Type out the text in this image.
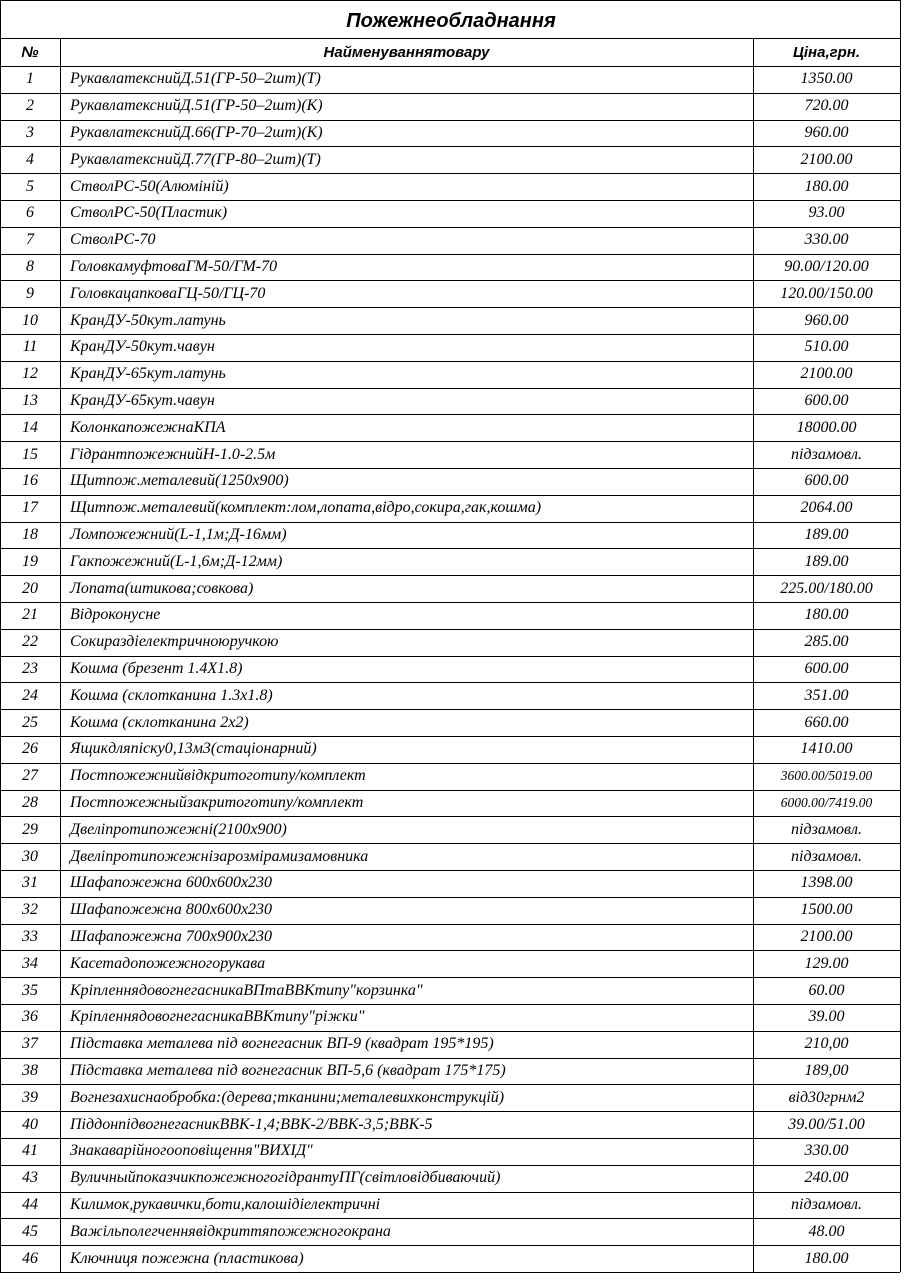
Пожежнеобладнання
№	Найменуваннятовару	Ціна,грн.
1	РукавлатекснийД.51(ГР-50–2шт)(Т)	1350.00
2	РукавлатекснийД.51(ГР-50–2шт)(К)	720.00
3	РукавлатекснийД.66(ГР-70–2шт)(К)	960.00
4	РукавлатекснийД.77(ГР-80–2шт)(Т)	2100.00
5	СтволРС-50(Алюміній)	180.00
6	СтволРС-50(Пластик)	93.00
7	СтволРС-70	330.00
8	ГоловкамуфтоваГМ-50/ГМ-70	90.00/120.00
9	ГоловкацапковаГЦ-50/ГЦ-70	120.00/150.00
10	КранДУ-50кут.латунь	960.00
11	КранДУ-50кут.чавун	510.00
12	КранДУ-65кут.латунь	2100.00
13	КранДУ-65кут.чавун	600.00
14	КолонкапожежнаКПА	18000.00
15	ГідрантпожежнийН-1.0-2.5м	підзамовл.
16	Щитпож.металевий(1250х900)	600.00
17	Щитпож.металевий(комплект:лом,лопата,відро,сокира,гак,кошма)	2064.00
18	Ломпожежний(L-1,1м;Д-16мм)	189.00
19	Гакпожежний(L-1,6м;Д-12мм)	189.00
20	Лопата(штикова;совкова)	225.00/180.00
21	Відроконусне	180.00
22	Сокираздіелектричноюручкою	285.00
23	Кошма (брезент 1.4Х1.8)	600.00
24	Кошма (склотканина 1.3х1.8)	351.00
25	Кошма (склотканина 2х2)	660.00
26	Ящикдляпіску0,13м3(стаціонарний)	1410.00
27	Постпожежнийвідкритоготипу/комплект	3600.00/5019.00
28	Постпожежныйзакритоготипу/комплект	6000.00/7419.00
29	Двеліпротипожежні(2100х900)	підзамовл.
30	Двеліпротипожежнізарозмірамизамовника	підзамовл.
31	Шафапожежна 600х600х230	1398.00
32	Шафапожежна 800х600х230	1500.00
33	Шафапожежна 700х900х230	2100.00
34	Касетадопожежногорукава	129.00
35	КріпленнядовогнегасникаВПтаВВКтипу"корзинка"	60.00
36	КріпленнядовогнегасникаВВКтипу"ріжки"	39.00
37	Підставка металева під вогнегасник ВП-9 (квадрат 195*195)	210,00
38	Підставка металева під вогнегасник ВП-5,6 (квадрат 175*175)	189,00
39	Вогнезахиснаобробка:(дерева;тканини;металевихконструкцій)	від30грнм2
40	ПіддонпідвогнегасникВВК-1,4;ВВК-2/ВВК-3,5;ВВК-5	39.00/51.00
41	Знакаварійногооповіщення"ВИХІД"	330.00
43	ВуличныйпоказчикпожежногогідрантуПГ(світловідбиваючий)	240.00
44	Килимок,рукавички,боти,калошідіелектричні	підзамовл.
45	Важільполегченнявідкриттяпожежногокрана	48.00
46	Ключниця пожежна (пластикова)	180.00
